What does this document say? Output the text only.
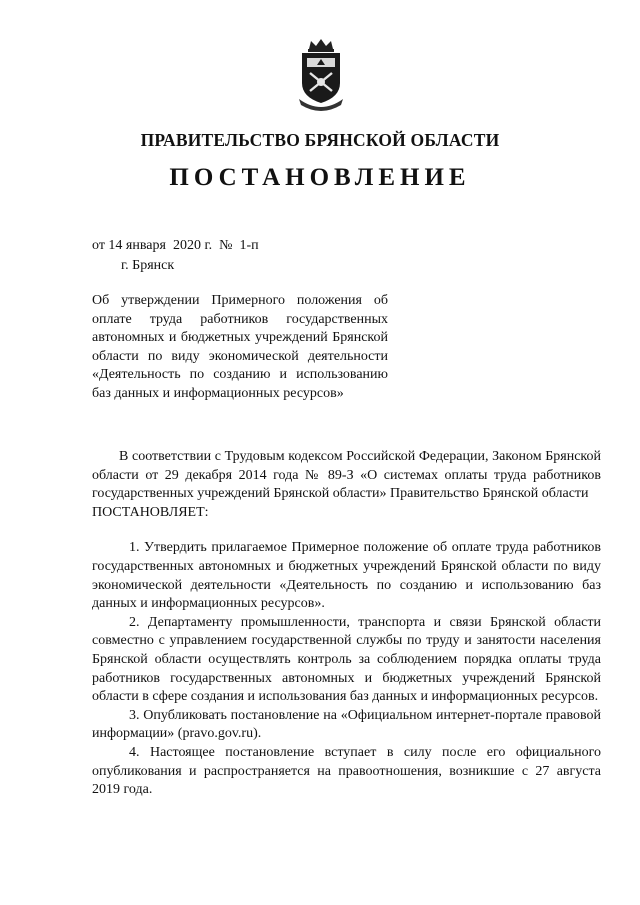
ПРАВИТЕЛЬСТВО БРЯНСКОЙ ОБЛАСТИ
ПОСТАНОВЛЕНИЕ
от 14 января  2020 г.  №  1-п
г. Брянск
Об утверждении Примерного положения об оплате труда работников государственных автономных и бюджетных учреждений Брянской области по виду экономической деятельности «Деятельность по созданию и использованию баз данных и информационных ресурсов»

В соответствии с Трудовым кодексом Российской Федерации, Законом Брянской области от 29 декабря 2014 года № 89-З «О системах оплаты труда работников государственных учреждений Брянской области» Правительство Брянской области

ПОСТАНОВЛЯЕТ:

1. Утвердить прилагаемое Примерное положение об оплате труда работников государственных автономных и бюджетных учреждений Брянской области по виду экономической деятельности «Деятельность по созданию и использованию баз данных и информационных ресурсов».

2. Департаменту промышленности, транспорта и связи Брянской области совместно с управлением государственной службы по труду и занятости населения Брянской области осуществлять контроль за соблюдением порядка оплаты труда работников государственных автономных и бюджетных учреждений Брянской области в сфере создания и использования баз данных и информационных ресурсов.

3. Опубликовать постановление на «Официальном интернет-портале правовой информации» (pravo.gov.ru).

4. Настоящее постановление вступает в силу после его официального опубликования и распространяется на правоотношения, возникшие с 27 августа 2019 года.
